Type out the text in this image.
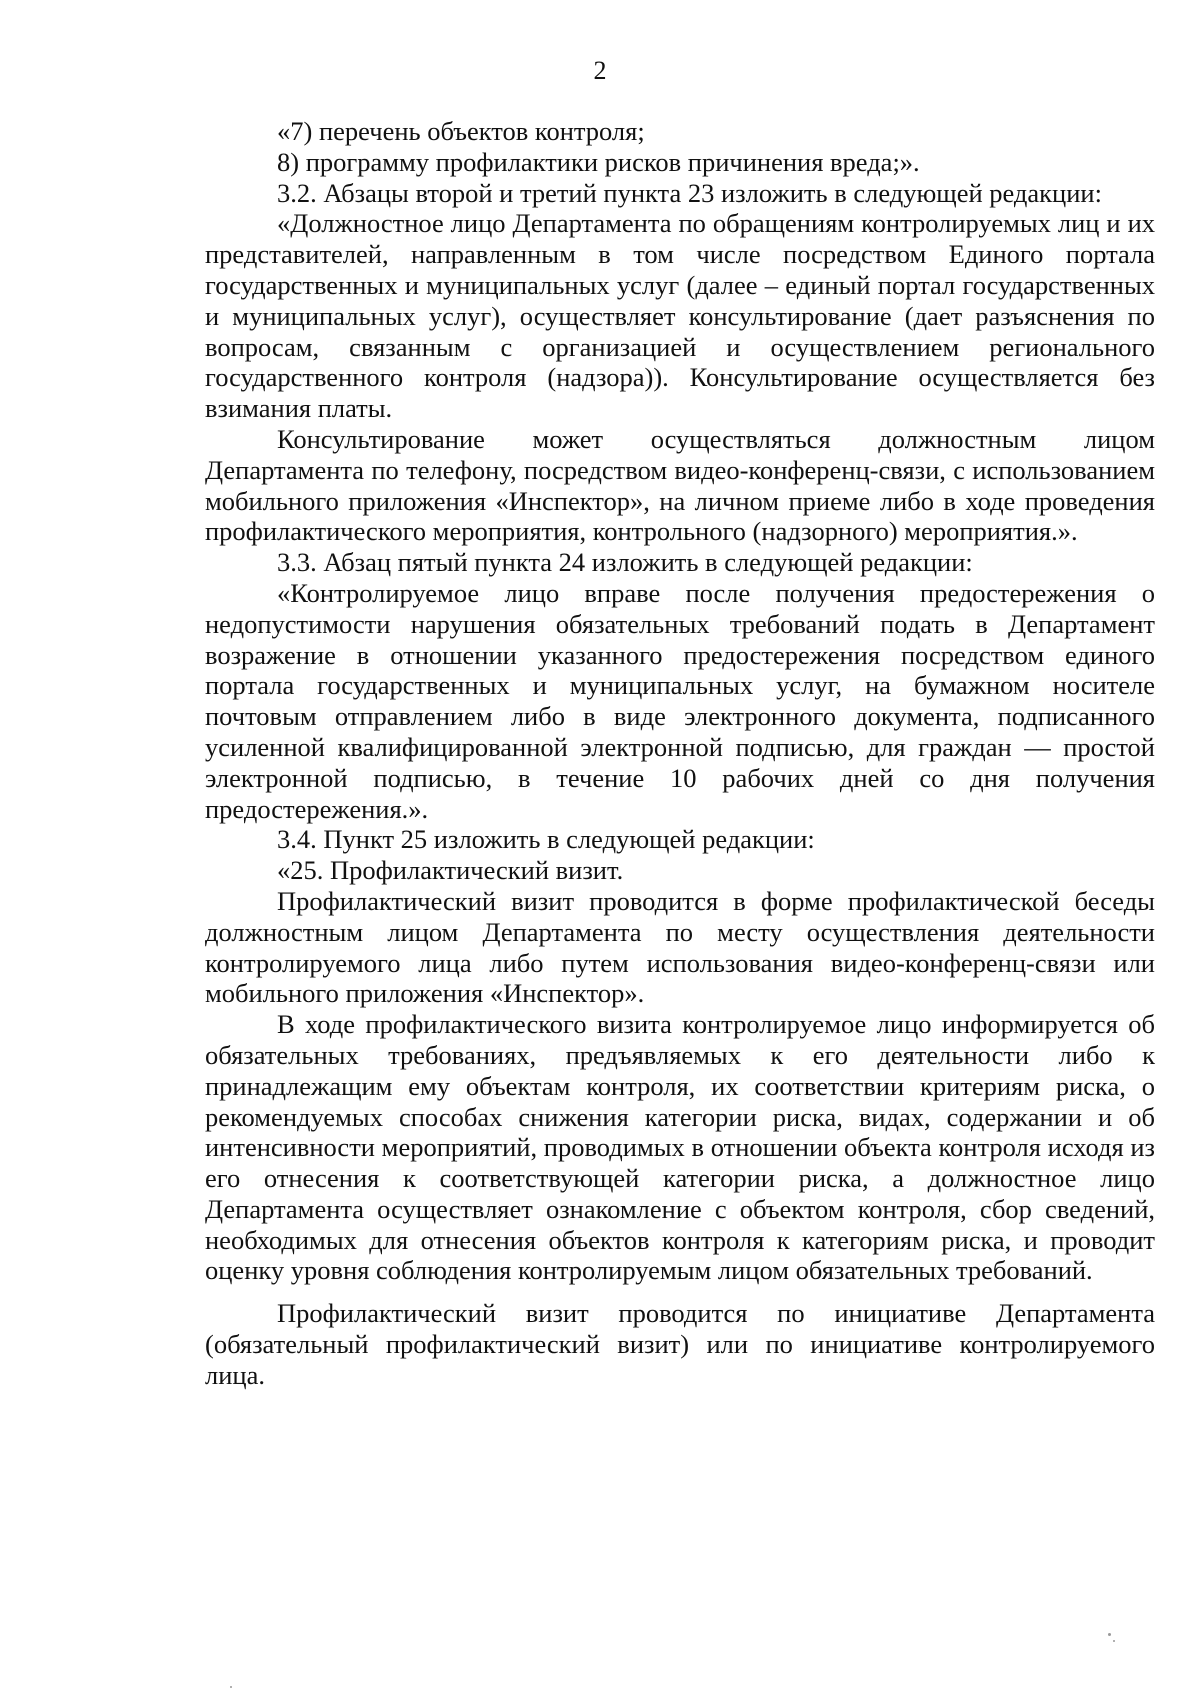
2

«7) перечень объектов контроля;

8) программу профилактики рисков причинения вреда;».

3.2. Абзацы второй и третий пункта 23 изложить в следующей редакции:

«Должностное лицо Департамента по обращениям контролируемых лиц и их представителей, направленным в том числе посредством Единого портала государственных и муниципальных услуг (далее – единый портал государственных и муниципальных услуг), осуществляет консультирование (дает разъяснения по вопросам, связанным с организацией и осуществлением регионального государственного контроля (надзора)). Консультирование осуществляется без взимания платы.

Консультирование может осуществляться должностным лицом Департамента по телефону, посредством видео-конференц-связи, с использованием мобильного приложения «Инспектор», на личном приеме либо в ходе проведения профилактического мероприятия, контрольного (надзорного) мероприятия.».

3.3. Абзац пятый пункта 24 изложить в следующей редакции:

«Контролируемое лицо вправе после получения предостережения о недопустимости нарушения обязательных требований подать в Департамент возражение в отношении указанного предостережения посредством единого портала государственных и муниципальных услуг, на бумажном носителе почтовым отправлением либо в виде электронного документа, подписанного усиленной квалифицированной электронной подписью, для граждан — простой электронной подписью, в течение 10 рабочих дней со дня получения предостережения.».

3.4. Пункт 25 изложить в следующей редакции:

«25. Профилактический визит.

Профилактический визит проводится в форме профилактической беседы должностным лицом Департамента по месту осуществления деятельности контролируемого лица либо путем использования видео-конференц-связи или мобильного приложения «Инспектор».

В ходе профилактического визита контролируемое лицо информируется об обязательных требованиях, предъявляемых к его деятельности либо к принадлежащим ему объектам контроля, их соответствии критериям риска, о рекомендуемых способах снижения категории риска, видах, содержании и об интенсивности мероприятий, проводимых в отношении объекта контроля исходя из его отнесения к соответствующей категории риска, а должностное лицо Департамента осуществляет ознакомление с объектом контроля, сбор сведений, необходимых для отнесения объектов контроля к категориям риска, и проводит оценку уровня соблюдения контролируемым лицом обязательных требований.

Профилактический визит проводится по инициативе Департамента (обязательный профилактический визит) или по инициативе контролируемого лица.
